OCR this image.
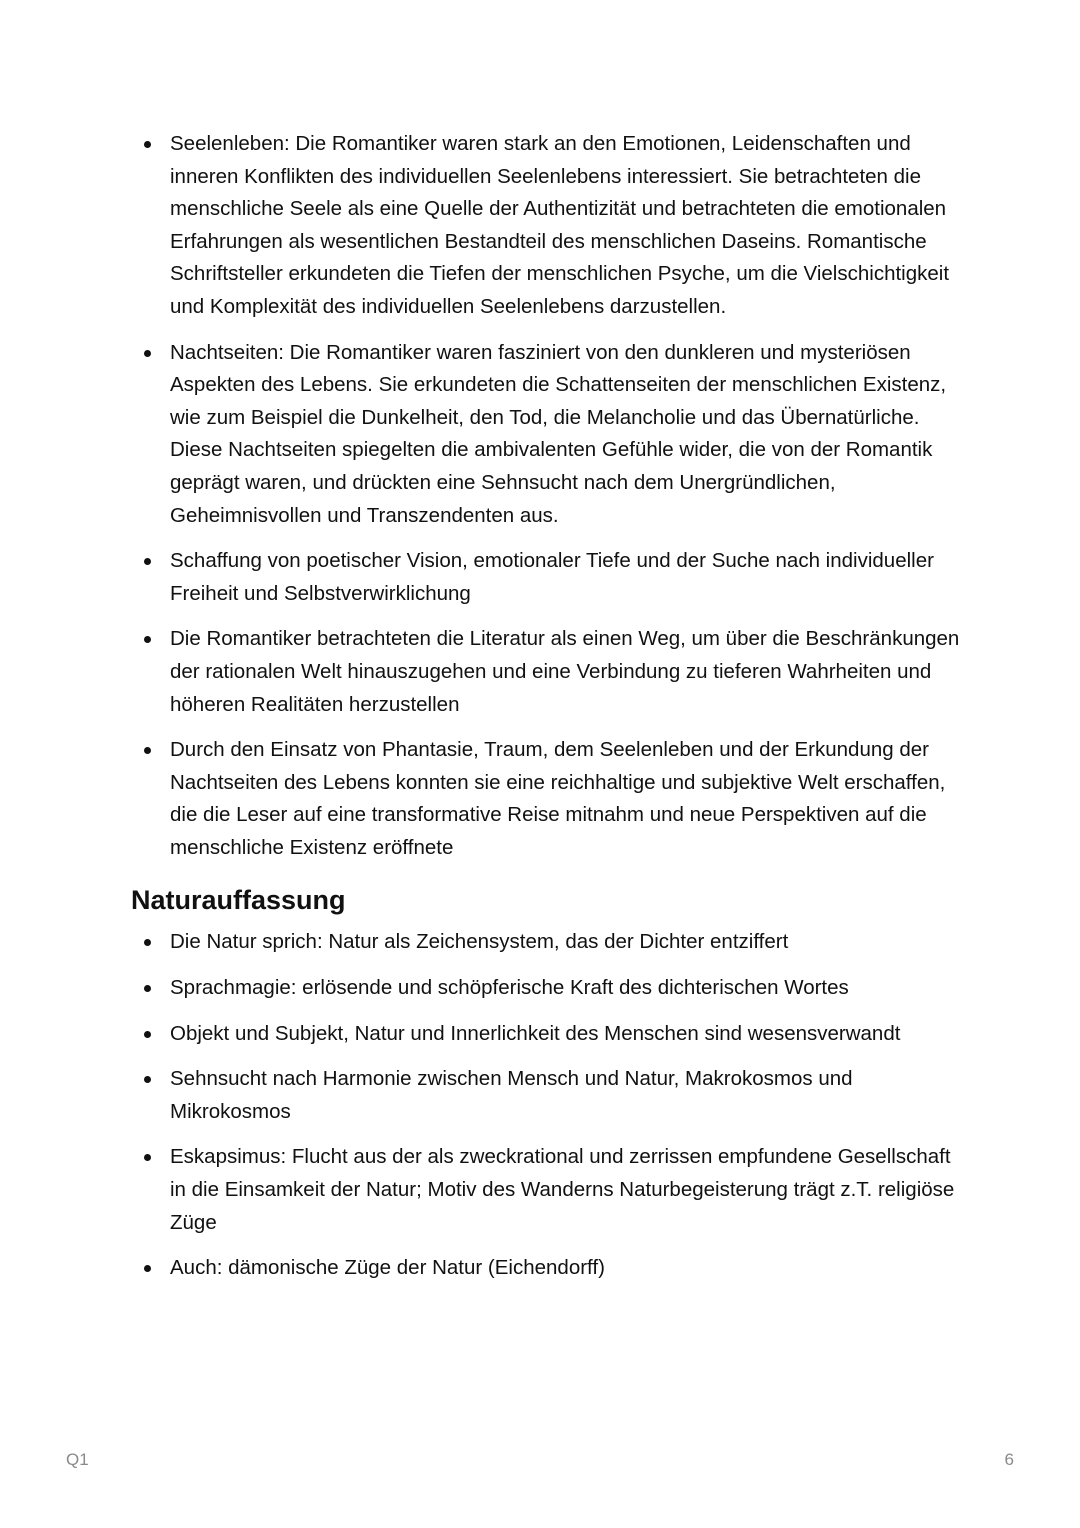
Seelenleben: Die Romantiker waren stark an den Emotionen, Leidenschaften und inneren Konflikten des individuellen Seelenlebens interessiert. Sie betrachteten die menschliche Seele als eine Quelle der Authentizität und betrachteten die emotionalen Erfahrungen als wesentlichen Bestandteil des menschlichen Daseins. Romantische Schriftsteller erkundeten die Tiefen der menschlichen Psyche, um die Vielschichtigkeit und Komplexität des individuellen Seelenlebens darzustellen.
Nachtseiten: Die Romantiker waren fasziniert von den dunkleren und mysteriösen Aspekten des Lebens. Sie erkundeten die Schattenseiten der menschlichen Existenz, wie zum Beispiel die Dunkelheit, den Tod, die Melancholie und das Übernatürliche. Diese Nachtseiten spiegelten die ambivalenten Gefühle wider, die von der Romantik geprägt waren, und drückten eine Sehnsucht nach dem Unergründlichen, Geheimnisvollen und Transzendenten aus.
Schaffung von poetischer Vision, emotionaler Tiefe und der Suche nach individueller Freiheit und Selbstverwirklichung
Die Romantiker betrachteten die Literatur als einen Weg, um über die Beschränkungen der rationalen Welt hinauszugehen und eine Verbindung zu tieferen Wahrheiten und höheren Realitäten herzustellen
Durch den Einsatz von Phantasie, Traum, dem Seelenleben und der Erkundung der Nachtseiten des Lebens konnten sie eine reichhaltige und subjektive Welt erschaffen, die die Leser auf eine transformative Reise mitnahm und neue Perspektiven auf die menschliche Existenz eröffnete
Naturauffassung
Die Natur sprich: Natur als Zeichensystem, das der Dichter entziffert
Sprachmagie: erlösende und schöpferische Kraft des dichterischen Wortes
Objekt und Subjekt, Natur und Innerlichkeit des Menschen sind wesensverwandt
Sehnsucht nach Harmonie zwischen Mensch und Natur, Makrokosmos und Mikrokosmos
Eskapsimus: Flucht aus der als zweckrational und zerrissen empfundene Gesellschaft in die Einsamkeit der Natur; Motiv des Wanderns Naturbegeisterung trägt z.T. religiöse Züge
Auch: dämonische Züge der Natur (Eichendorff)
Q1	6
